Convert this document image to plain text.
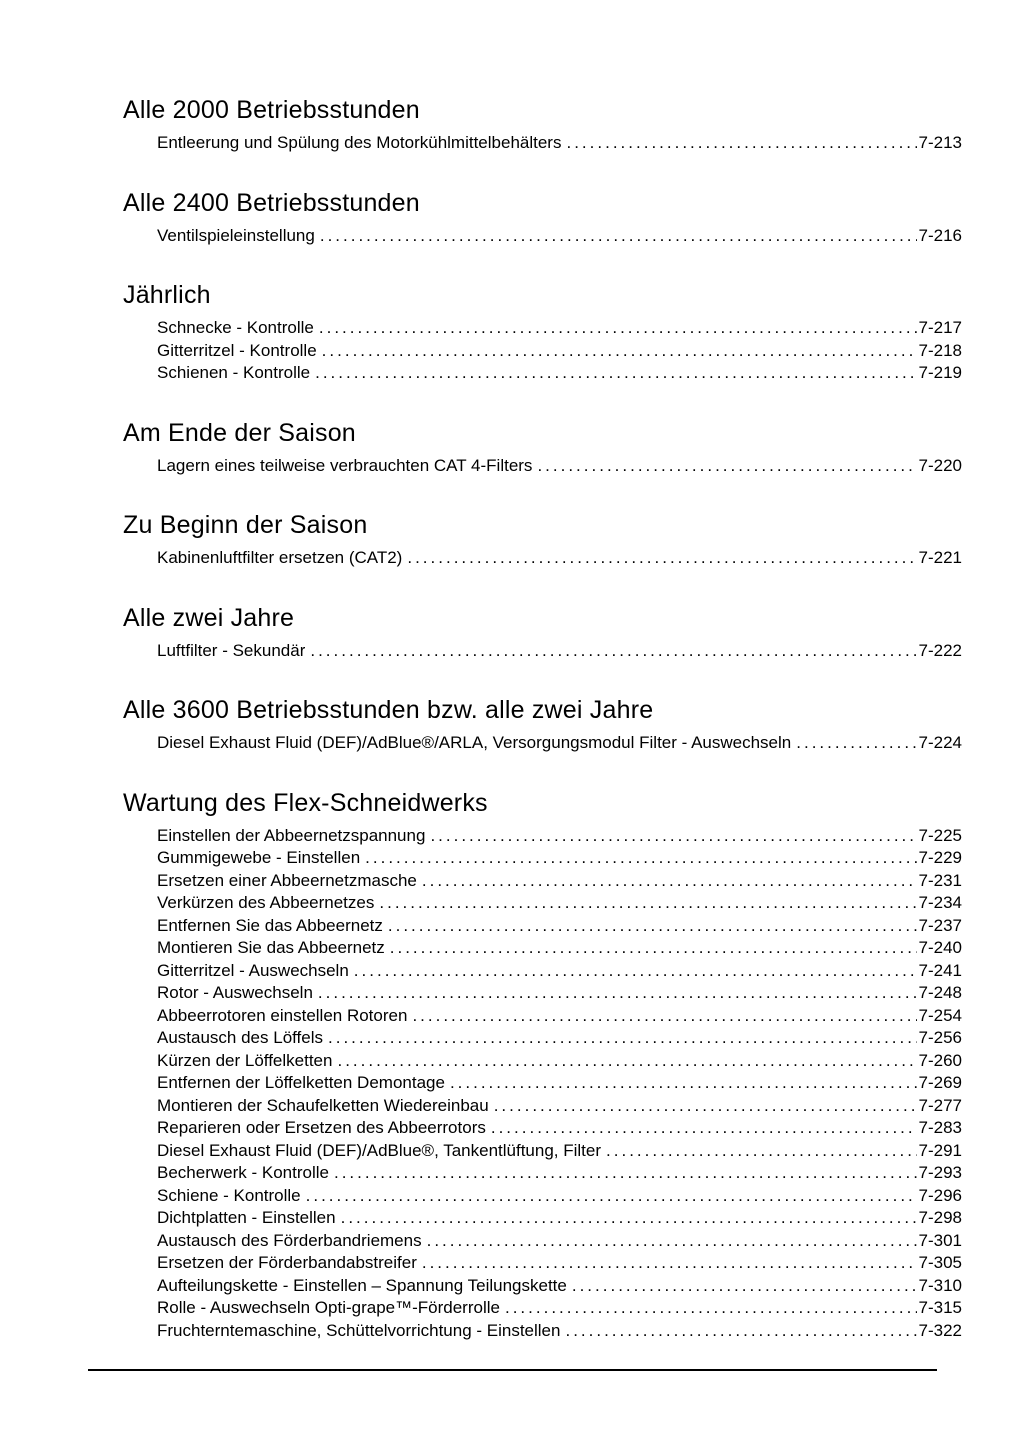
Alle 2000 Betriebsstunden
Entleerung und Spülung des Motorkühlmittelbehälters .....	7-213
Alle 2400 Betriebsstunden
Ventilspieleinstellung .....	7-216
Jährlich
Schnecke - Kontrolle .....	7-217
Gitterritzel - Kontrolle .....	7-218
Schienen - Kontrolle .....	7-219
Am Ende der Saison
Lagern eines teilweise verbrauchten CAT 4-Filters .....	7-220
Zu Beginn der Saison
Kabinenluftfilter ersetzen (CAT2) .....	7-221
Alle zwei Jahre
Luftfilter - Sekundär .....	7-222
Alle 3600 Betriebsstunden bzw. alle zwei Jahre
Diesel Exhaust Fluid (DEF)/AdBlue®/ARLA, Versorgungsmodul Filter - Auswechseln .....	7-224
Wartung des Flex-Schneidwerks
Einstellen der Abbeernetzspannung .....	7-225
Gummigewebe - Einstellen .....	7-229
Ersetzen einer Abbeernetzmasche .....	7-231
Verkürzen des Abbeernetzes .....	7-234
Entfernen Sie das Abbeernetz .....	7-237
Montieren Sie das Abbeernetz .....	7-240
Gitterritzel - Auswechseln .....	7-241
Rotor - Auswechseln .....	7-248
Abbeerrotoren einstellen Rotoren .....	7-254
Austausch des Löffels .....	7-256
Kürzen der Löffelketten .....	7-260
Entfernen der Löffelketten Demontage .....	7-269
Montieren der Schaufelketten Wiedereinbau .....	7-277
Reparieren oder Ersetzen des Abbeerrotors .....	7-283
Diesel Exhaust Fluid (DEF)/AdBlue®, Tankentlüftung, Filter .....	7-291
Becherwerk - Kontrolle .....	7-293
Schiene - Kontrolle .....	7-296
Dichtplatten - Einstellen .....	7-298
Austausch des Förderbandriemens .....	7-301
Ersetzen der Förderbandabstreifer .....	7-305
Aufteilungskette - Einstellen – Spannung Teilungskette .....	7-310
Rolle - Auswechseln Opti-grape™-Förderrolle .....	7-315
Fruchterntemaschine, Schüttelvorrichtung - Einstellen .....	7-322
